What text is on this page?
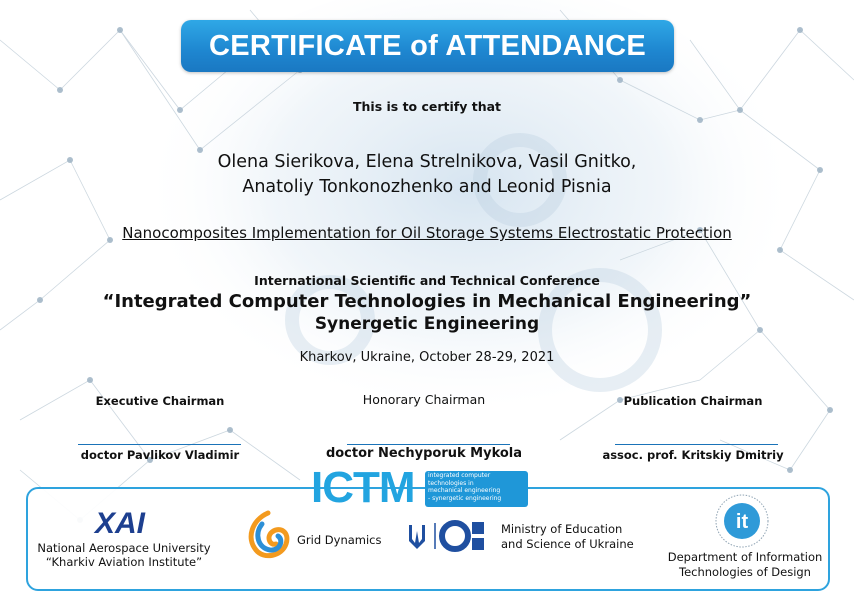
CERTIFICATE of ATTENDANCE
This is to certify that
Olena Sierikova, Elena Strelnikova, Vasil Gnitko,
Anatoliy Tonkonozhenko and Leonid Pisnia
Nanocomposites Implementation for Oil Storage Systems Electrostatic Protection
International Scientific and Technical Conference
“Integrated Computer Technologies in Mechanical Engineering”
Synergetic Engineering
Kharkov, Ukraine, October 28-29, 2021
Executive Chairman	Honorary Chairman	Publication Chairman
doctor Pavlikov Vladimir	doctor Nechyporuk Mykola	assoc. prof. Kritskiy Dmitriy
ICTM integrated computer
technologies in
mechanical engineering
- synergetic engineering
XAI
National Aerospace University
“Kharkiv Aviation Institute”
Grid Dynamics
Ministry of Education
and Science of Ukraine
it
Department of Information
Technologies of Design
